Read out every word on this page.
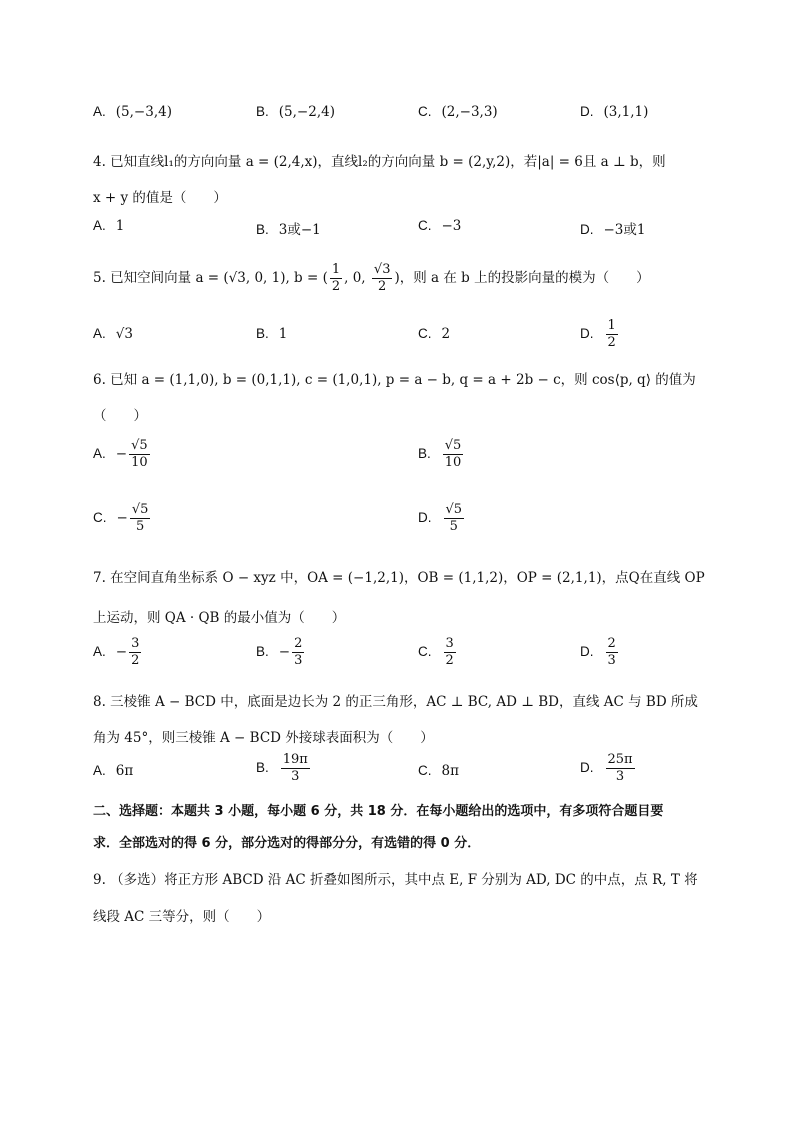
A. (5,−3,4)	B. (5,−2,4)	C. (2,−3,3)	D. (3,1,1)
4. 已知直线l₁的方向向量 a = (2,4,x)，直线l₂的方向向量 b = (2,y,2)，若|a| = 6且 a ⊥ b，则
x + y 的值是（　　）
A. 1	B. 3或−1	C. −3	D. −3或1
5. 已知空间向量 a = (√3, 0, 1), b = ( $\frac{1}{2}$ , 0, $\frac{√3}{2}$ )，则 a 在 b 上的投影向量的模为（　　）
A. √3	B. 1	C. 2	D. $\frac{1}{2}$
6. 已知 a = (1,1,0), b = (0,1,1), c = (1,0,1), p = a − b, q = a + 2b − c，则 cos⟨p, q⟩ 的值为
（　　）
A. − $\frac{√5}{10}$	B. $\frac{√5}{10}$
C. − $\frac{√5}{5}$	D. $\frac{√5}{5}$
7. 在空间直角坐标系 O − xyz 中，OA = (−1,2,1)，OB = (1,1,2)，OP = (2,1,1)，点Q在直线 OP
上运动，则 QA · QB 的最小值为（　　）
A. − $\frac{3}{2}$	B. − $\frac{2}{3}$	C. $\frac{3}{2}$	D. $\frac{2}{3}$
8. 三棱锥 A − BCD 中，底面是边长为 2 的正三角形，AC ⊥ BC, AD ⊥ BD，直线 AC 与 BD 所成
角为 45°，则三棱锥 A − BCD 外接球表面积为（　　）
A. 6π	B. $\frac{19\pi}{3}$	C. 8π	D. $\frac{25\pi}{3}$
二、选择题：本题共 3 小题，每小题 6 分，共 18 分．在每小题给出的选项中，有多项符合题目要
求．全部选对的得 6 分，部分选对的得部分分，有选错的得 0 分．
9. （多选）将正方形 ABCD 沿 AC 折叠如图所示，其中点 E, F 分别为 AD, DC 的中点，点 R, T 将
线段 AC 三等分，则（　　）
